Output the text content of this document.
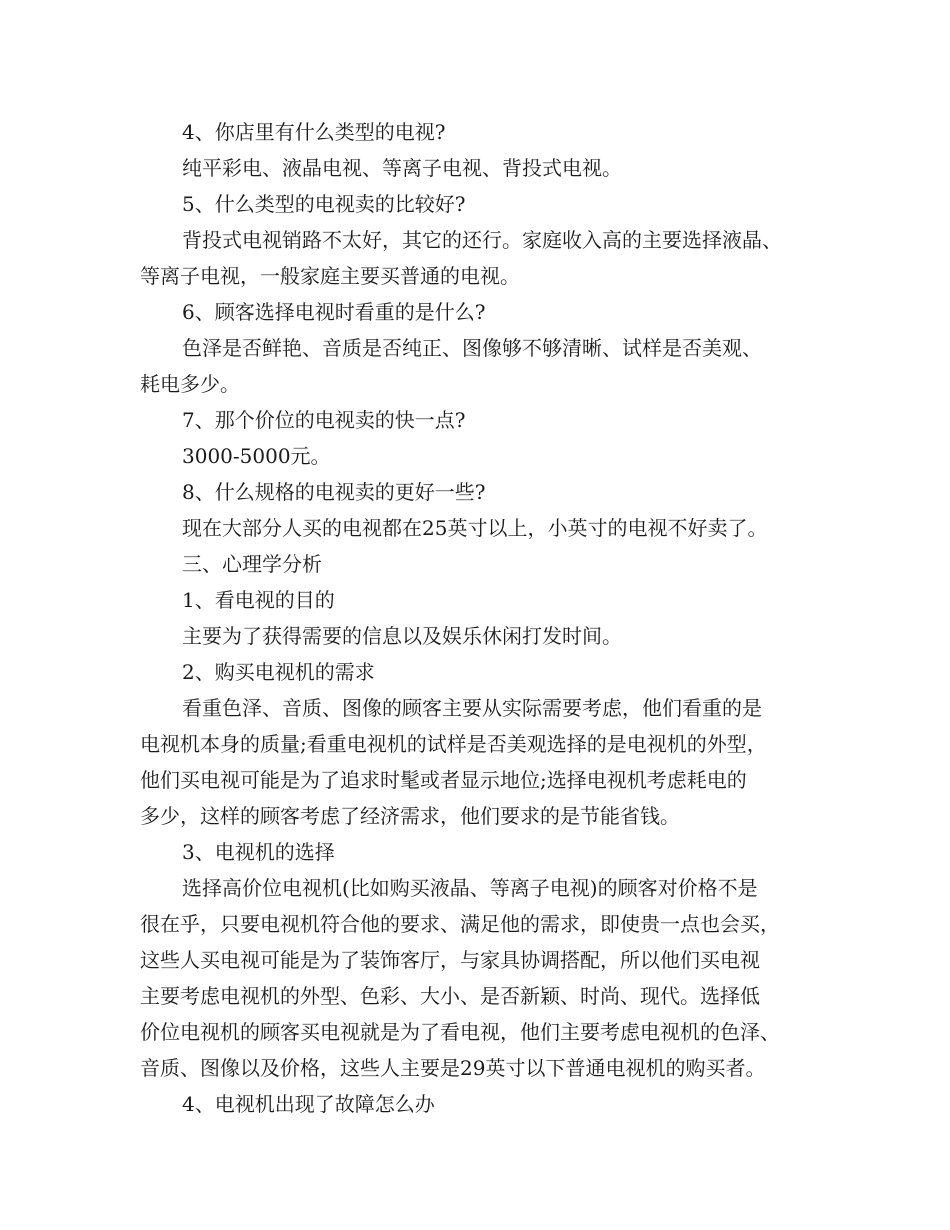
4、你店里有什么类型的电视?
纯平彩电、液晶电视、等离子电视、背投式电视。
5、什么类型的电视卖的比较好?
背投式电视销路不太好，其它的还行。家庭收入高的主要选择液晶、
等离子电视，一般家庭主要买普通的电视。
6、顾客选择电视时看重的是什么?
色泽是否鲜艳、音质是否纯正、图像够不够清晰、试样是否美观、
耗电多少。
7、那个价位的电视卖的快一点?
3000-5000元。
8、什么规格的电视卖的更好一些?
现在大部分人买的电视都在25英寸以上，小英寸的电视不好卖了。
三、心理学分析
1、看电视的目的
主要为了获得需要的信息以及娱乐休闲打发时间。
2、购买电视机的需求
看重色泽、音质、图像的顾客主要从实际需要考虑，他们看重的是
电视机本身的质量;看重电视机的试样是否美观选择的是电视机的外型，
他们买电视可能是为了追求时髦或者显示地位;选择电视机考虑耗电的
多少，这样的顾客考虑了经济需求，他们要求的是节能省钱。
3、电视机的选择
选择高价位电视机(比如购买液晶、等离子电视)的顾客对价格不是
很在乎，只要电视机符合他的要求、满足他的需求，即使贵一点也会买，
这些人买电视可能是为了装饰客厅，与家具协调搭配，所以他们买电视
主要考虑电视机的外型、色彩、大小、是否新颖、时尚、现代。选择低
价位电视机的顾客买电视就是为了看电视，他们主要考虑电视机的色泽、
音质、图像以及价格，这些人主要是29英寸以下普通电视机的购买者。
4、电视机出现了故障怎么办
